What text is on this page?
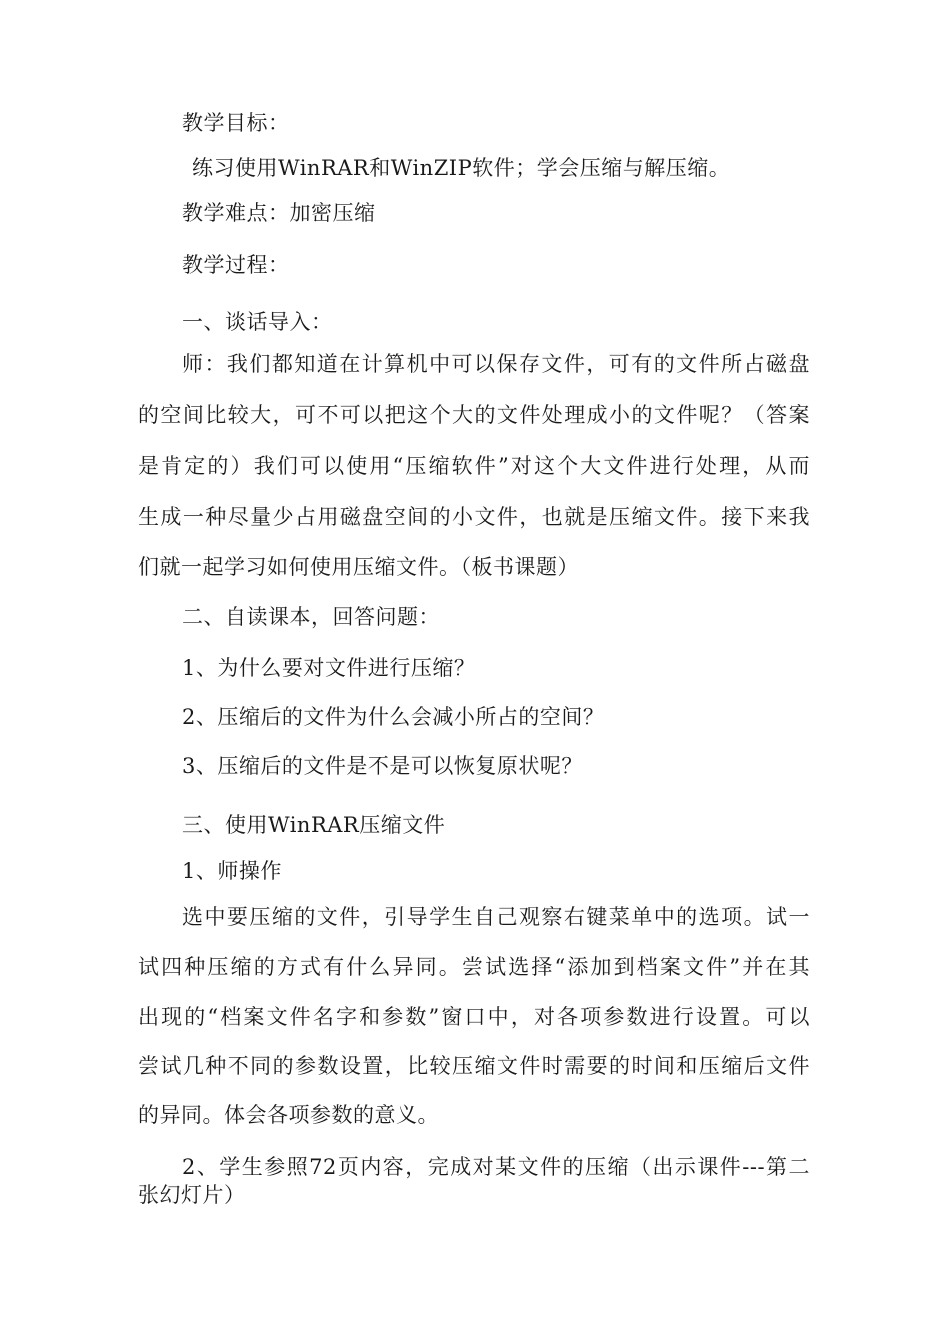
教学目标：
练习使用WinRAR和WinZIP软件；学会压缩与解压缩。
教学难点：加密压缩
教学过程：
一、谈话导入：
师：我们都知道在计算机中可以保存文件，可有的文件所占磁盘
的空间比较大，可不可以把这个大的文件处理成小的文件呢？（答案
是肯定的）我们可以使用“压缩软件”对这个大文件进行处理，从而
生成一种尽量少占用磁盘空间的小文件，也就是压缩文件。接下来我
们就一起学习如何使用压缩文件。（板书课题）
二、自读课本，回答问题：
1、为什么要对文件进行压缩？
2、压缩后的文件为什么会减小所占的空间？
3、压缩后的文件是不是可以恢复原状呢？
三、使用WinRAR压缩文件
1、师操作
选中要压缩的文件，引导学生自己观察右键菜单中的选项。试一
试四种压缩的方式有什么异同。尝试选择“添加到档案文件”并在其
出现的“档案文件名字和参数”窗口中，对各项参数进行设置。可以
尝试几种不同的参数设置，比较压缩文件时需要的时间和压缩后文件
的异同。体会各项参数的意义。
2、学生参照72页内容，完成对某文件的压缩（出示课件---第二
张幻灯片）
